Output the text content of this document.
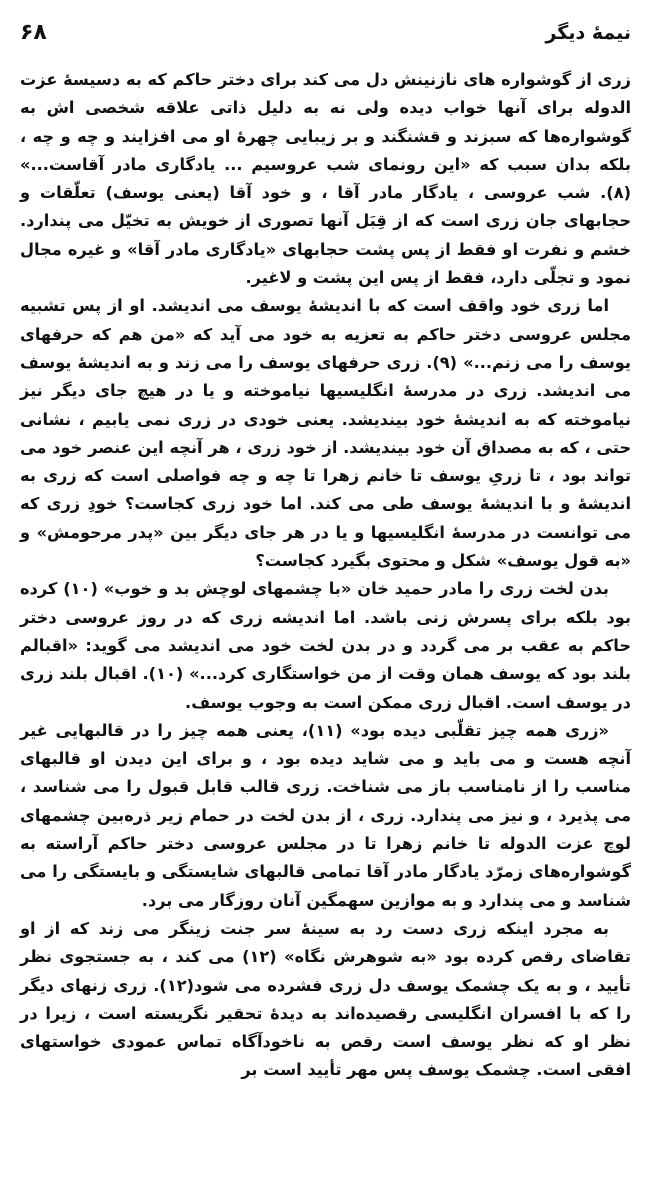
نیمهٔ دیگر
۶۸

زری از گوشواره های نازنینش دل می کند برای دختر حاکم که به دسیسهٔ عزت الدوله برای آنها خواب دیده ولی نه به دلیل ذاتی علاقه شخصی اش به گوشواره‌ها که سبزند و قشنگند و بر زیبایی چهرهٔ او می افزایند و چه و چه ، بلکه بدان سبب که «این رونمای شب عروسیم ... یادگاری مادر آقاست...» (۸). شب عروسی ، یادگار مادر آقا ، و خود آقا (یعنی یوسف) تعلّقات و حجابهای جان زری است که از قِبَل آنها تصوری از خویش به تخیّل می پندارد. خشم و نفرت او فقط از پس پشت حجابهای «یادگاری مادر آقا» و غیره مجال نمود و تجلّی دارد، فقط از پس این پشت و لاغیر.

اما زری خود واقف است که با اندیشهٔ یوسف می اندیشد. او از پس تشبیه مجلس عروسی دختر حاکم به تعزیه به خود می آید که «من هم که حرفهای یوسف را می زنم...» (۹). زری حرفهای یوسف را می زند و به اندیشهٔ یوسف می اندیشد. زری در مدرسهٔ انگلیسیها نیاموخته و یا در هیچ جای دیگر نیز نیاموخته که به اندیشهٔ خود بیندیشد. یعنی خودی در زری نمی یابیم ، نشانی حتی ، که به مصداق آن خود بیندیشد. از خود زری ، هر آنچه این عنصر خود می تواند بود ، تا زریِ یوسف تا خانم زهرا تا چه و چه فواصلی است که زری به اندیشهٔ و با اندیشهٔ یوسف طی می کند. اما خود زری کجاست؟ خودِ زری که می توانست در مدرسهٔ انگلیسیها و یا در هر جای دیگر بین «پدر مرحومش» و «به قول یوسف» شکل و محتوی بگیرد کجاست؟

بدن لخت زری را مادر حمید خان «با چشمهای لوچش بد و خوب» (۱۰) کرده بود بلکه برای پسرش زنی باشد. اما اندیشه زری که در روز عروسی دختر حاکم به عقب بر می گردد و در بدن لخت خود می اندیشد می گوید: «اقبالم بلند بود که یوسف همان وقت از من خواستگاری کرد...» (۱۰). اقبال بلند زری در یوسف است. اقبال زری ممکن است به وجوب یوسف.

«زری همه چیز تقلّبی دیده بود» (۱۱)، یعنی همه چیز را در قالبهایی غیر آنچه هست و می باید و می شاید دیده بود ، و برای این دیدن او قالبهای مناسب را از نامناسب باز می شناخت. زری قالب قابل قبول را می شناسد ، می پذیرد ، و نیز می پندارد. زری ، از بدن لخت در حمام زیر ذره‌بین چشمهای لوچ عزت الدوله تا خانم زهرا تا در مجلس عروسی دختر حاکم آراسته به گوشواره‌های زمرّد یادگار مادر آقا تمامی قالبهای شایستگی و بایستگی را می شناسد و می پندارد و به موازین سهمگین آنان روزگار می برد.

به مجرد اینکه زری دست رد به سینهٔ سر جنت زینگر می زند که از او تقاضای رقص کرده بود «به شوهرش نگاه» (۱۲) می کند ، به جستجوی نظر تأیید ، و به یک چشمک یوسف دل زری فشرده می شود(۱۲). زری زنهای دیگر را که با افسران انگلیسی رقصیده‌اند به دیدهٔ تحقیر نگریسته است ، زیرا در نظر او که نظر یوسف است رقص به ناخودآگاه تماس عمودی خواستهای افقی است. چشمک یوسف پس مهر تأیید است بر
